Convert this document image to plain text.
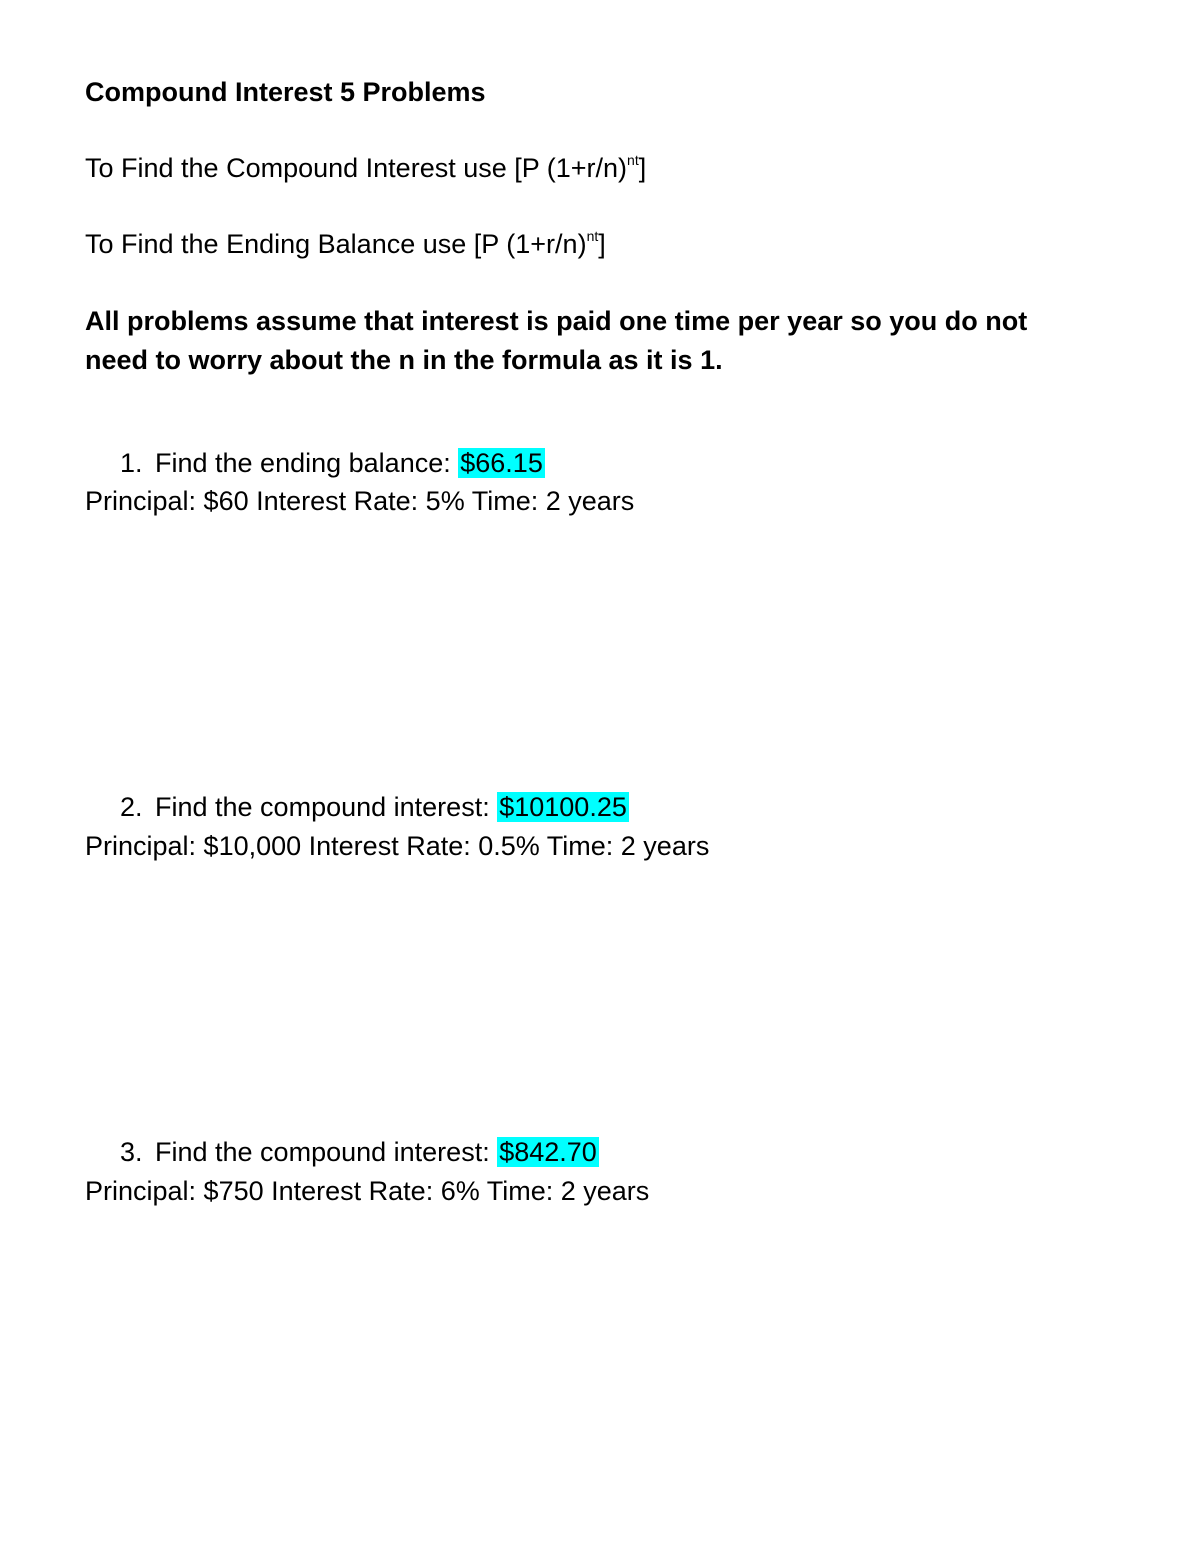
Compound Interest 5 Problems
To Find the Compound Interest use [P $(1+r/n)^{nt}$]
To Find the Ending Balance use [P $(1+r/n)^{nt}$]
All problems assume that interest is paid one time per year so you do not need to worry about the n in the formula as it is 1.
1. Find the ending balance: $66.15
Principal: $60 Interest Rate: 5% Time: 2 years
2. Find the compound interest: $10100.25
Principal: $10,000 Interest Rate: 0.5% Time: 2 years
3. Find the compound interest: $842.70
Principal: $750 Interest Rate: 6% Time: 2 years
